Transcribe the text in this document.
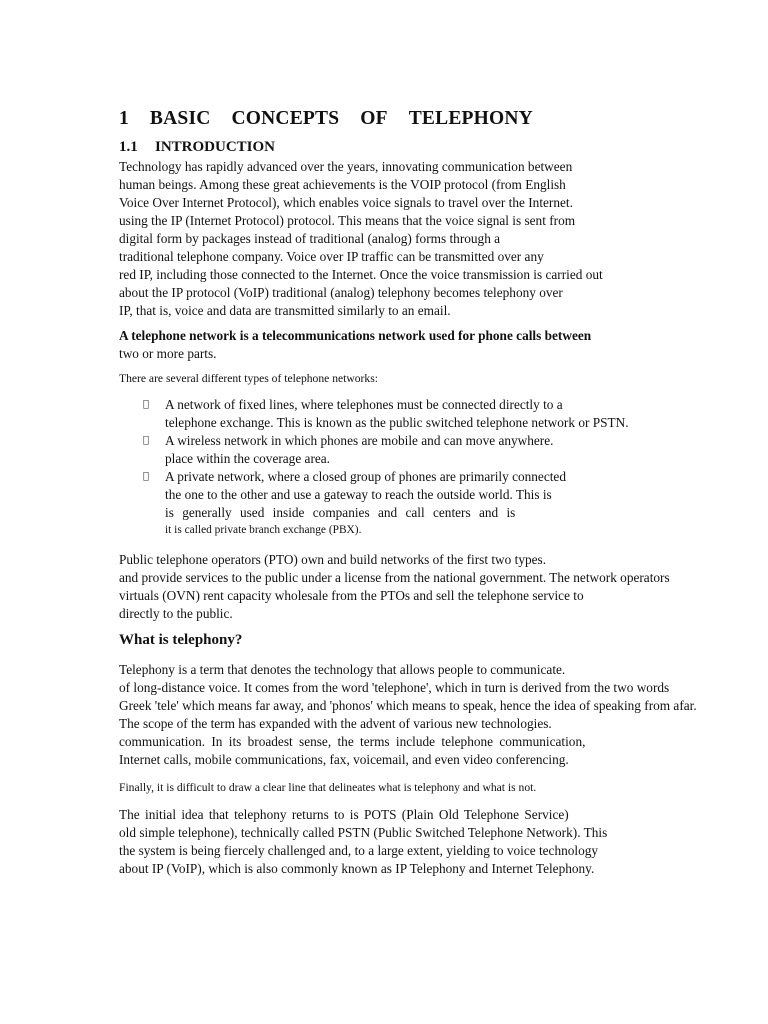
1 BASIC CONCEPTS OF TELEPHONY
1.1	INTRODUCTION
Technology has rapidly advanced over the years, innovating communication between
human beings. Among these great achievements is the VOIP protocol (from English
Voice Over Internet Protocol), which enables voice signals to travel over the Internet.
using the IP (Internet Protocol) protocol. This means that the voice signal is sent from
digital form by packages instead of traditional (analog) forms through a
traditional telephone company. Voice over IP traffic can be transmitted over any
red IP, including those connected to the Internet. Once the voice transmission is carried out
about the IP protocol (VoIP) traditional (analog) telephony becomes telephony over
IP, that is, voice and data are transmitted similarly to an email.
A telephone network is a telecommunications network used for phone calls between
two or more parts.
There are several different types of telephone networks:
A network of fixed lines, where telephones must be connected directly to a
telephone exchange. This is known as the public switched telephone network or PSTN.
A wireless network in which phones are mobile and can move anywhere.
place within the coverage area.
A private network, where a closed group of phones are primarily connected
the one to the other and use a gateway to reach the outside world. This is
is generally used inside companies and call centers and is
it is called private branch exchange (PBX).
Public telephone operators (PTO) own and build networks of the first two types.
and provide services to the public under a license from the national government. The network operators
virtuals (OVN) rent capacity wholesale from the PTOs and sell the telephone service to
directly to the public.
What is telephony?
Telephony is a term that denotes the technology that allows people to communicate.
of long-distance voice. It comes from the word 'telephone', which in turn is derived from the two words
Greek 'tele' which means far away, and 'phonos' which means to speak, hence the idea of speaking from afar.
The scope of the term has expanded with the advent of various new technologies.
communication. In its broadest sense, the terms include telephone communication,
Internet calls, mobile communications, fax, voicemail, and even video conferencing.
Finally, it is difficult to draw a clear line that delineates what is telephony and what is not.
The initial idea that telephony returns to is POTS (Plain Old Telephone Service)
old simple telephone), technically called PSTN (Public Switched Telephone Network). This
the system is being fiercely challenged and, to a large extent, yielding to voice technology
about IP (VoIP), which is also commonly known as IP Telephony and Internet Telephony.
